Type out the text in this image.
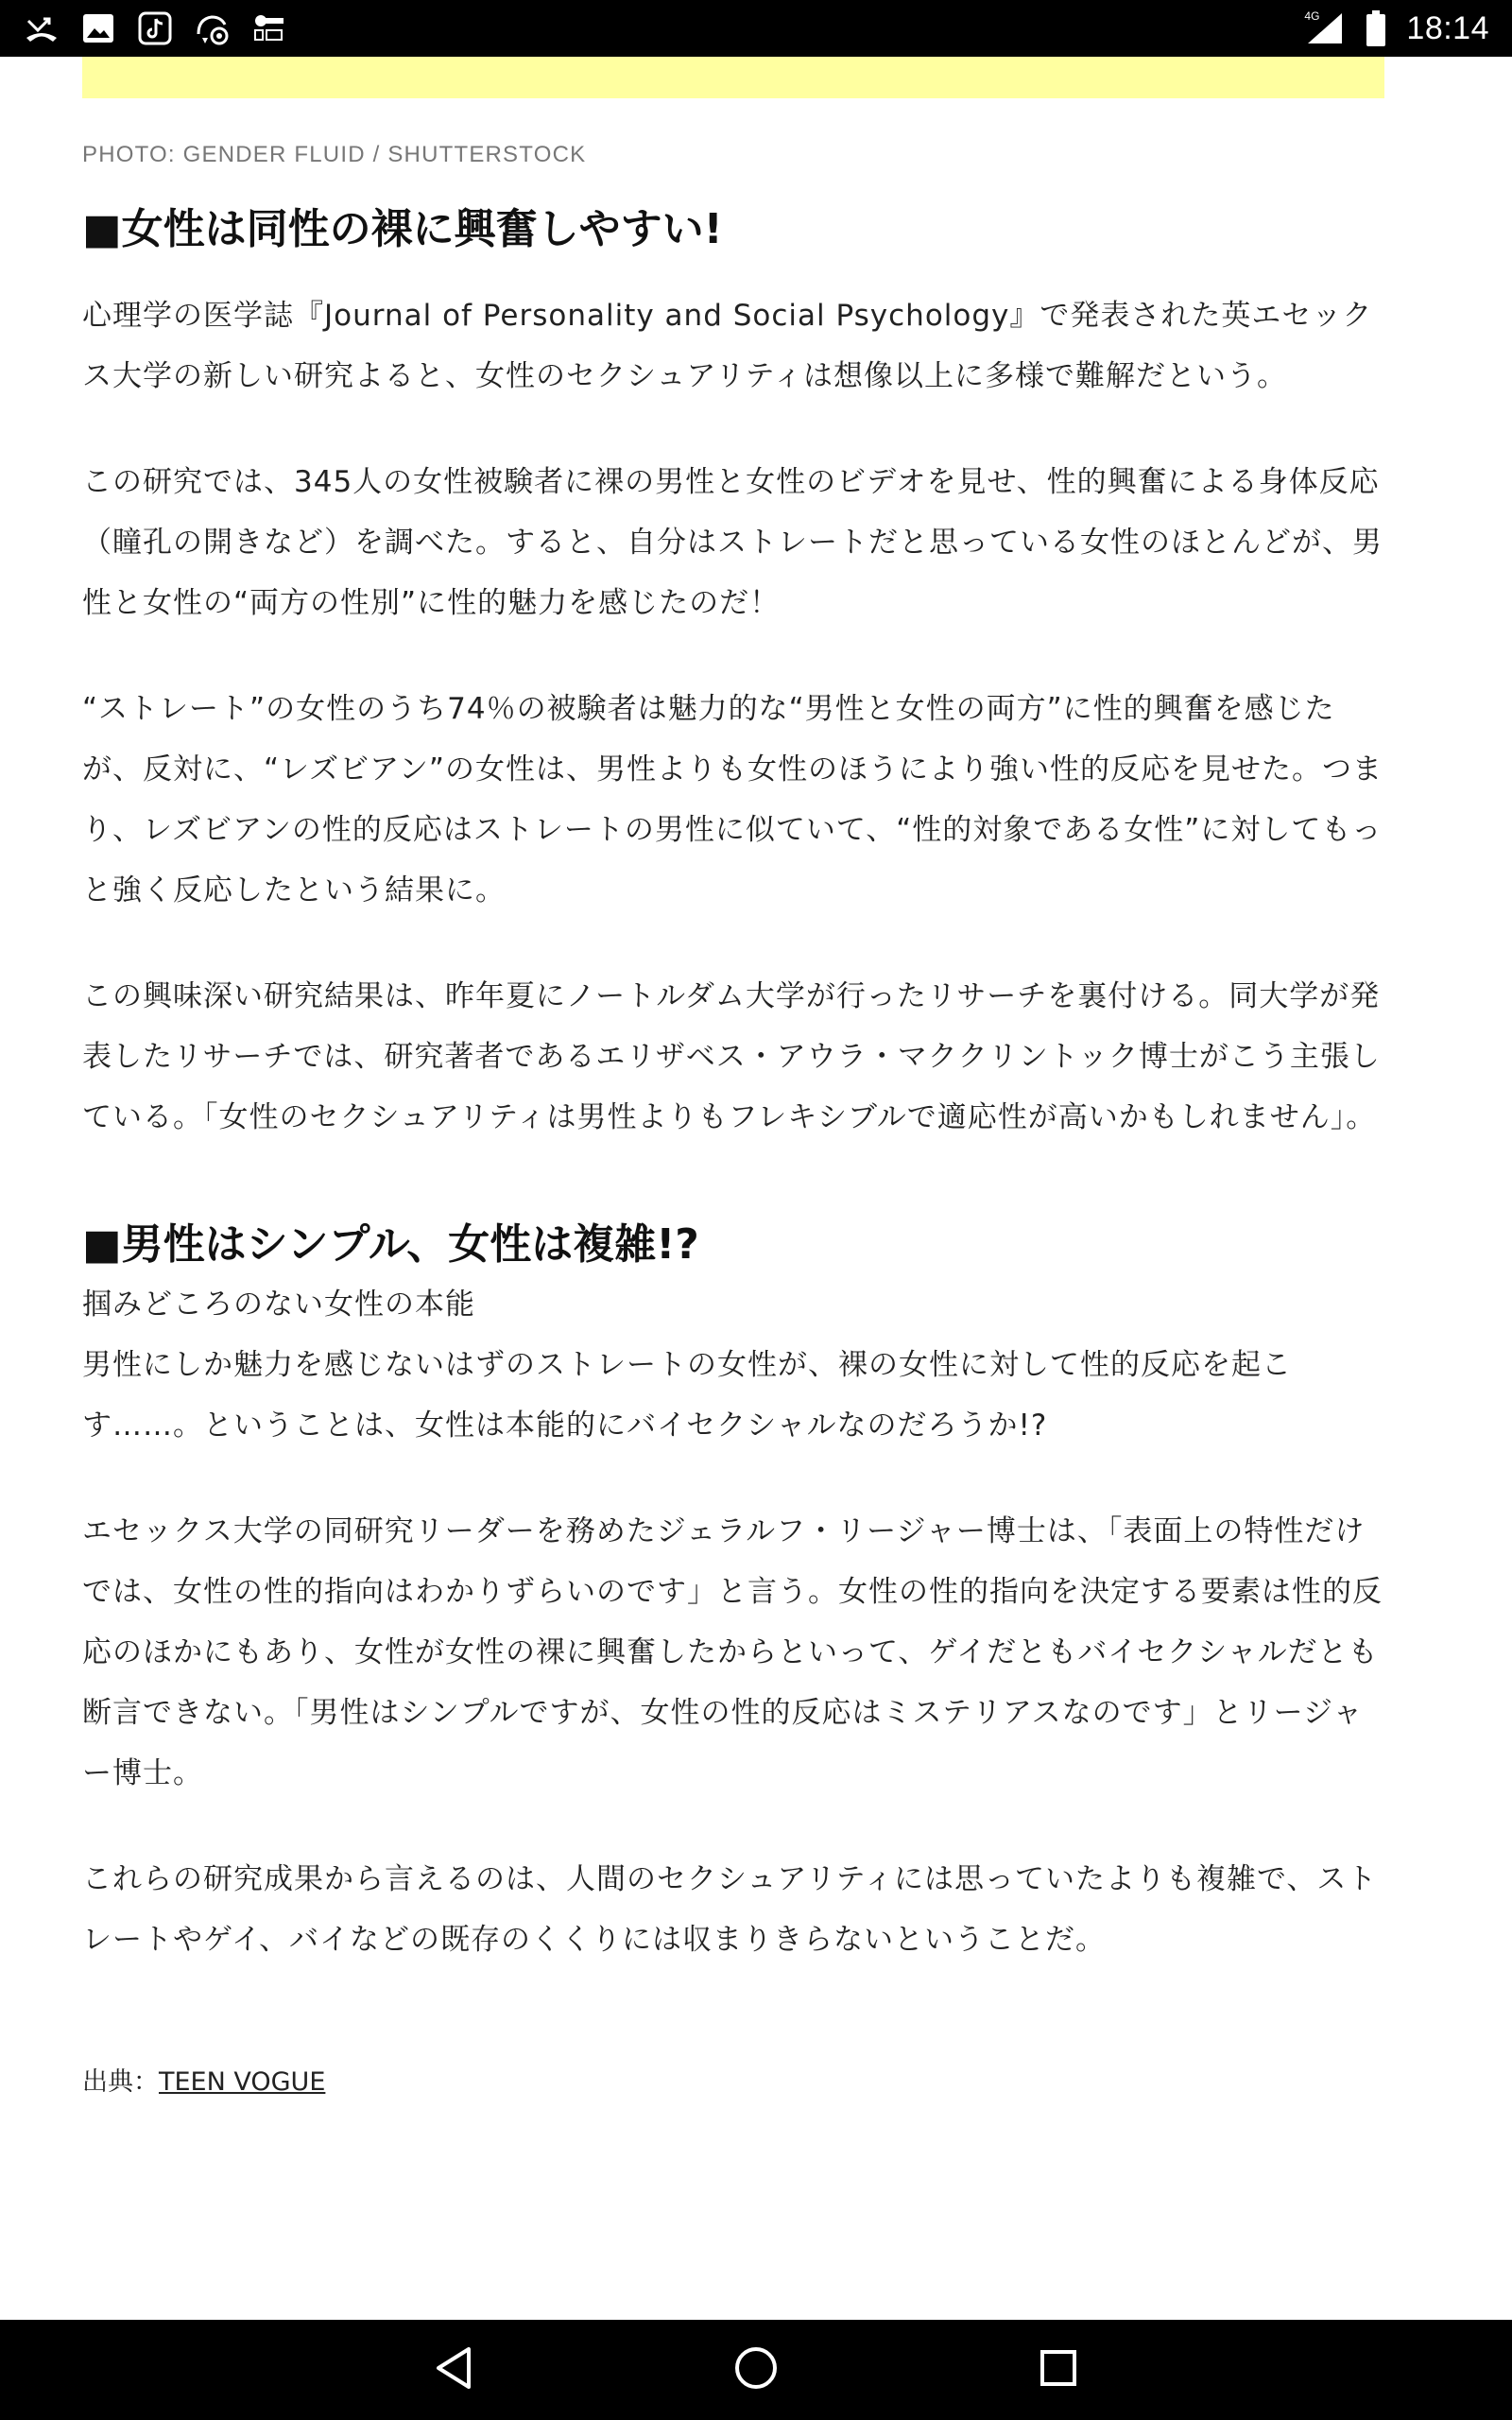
4G	18:14
PHOTO: GENDER FLUID / SHUTTERSTOCK
■女性は同性の裸に興奮しやすい!

心理学の医学誌『Journal of Personality and Social Psychology』で発表された英エセックス大学の新しい研究よると、女性のセクシュアリティは想像以上に多様で難解だという。

この研究では、345人の女性被験者に裸の男性と女性のビデオを見せ、性的興奮による身体反応（瞳孔の開きなど）を調べた。すると、自分はストレートだと思っている女性のほとんどが、男性と女性の“両方の性別”に性的魅力を感じたのだ！

“ストレート”の女性のうち74％の被験者は魅力的な“男性と女性の両方”に性的興奮を感じたが、反対に、“レズビアン”の女性は、男性よりも女性のほうにより強い性的反応を見せた。つまり、レズビアンの性的反応はストレートの男性に似ていて、“性的対象である女性”に対してもっと強く反応したという結果に。

この興味深い研究結果は、昨年夏にノートルダム大学が行ったリサーチを裏付ける。同大学が発表したリサーチでは、研究著者であるエリザベス・アウラ・マククリントック博士がこう主張している。「女性のセクシュアリティは男性よりもフレキシブルで適応性が高いかもしれません」。

■男性はシンプル、女性は複雑!?

掴みどころのない女性の本能

男性にしか魅力を感じないはずのストレートの女性が、裸の女性に対して性的反応を起こす……。ということは、女性は本能的にバイセクシャルなのだろうか!?

エセックス大学の同研究リーダーを務めたジェラルフ・リージャー博士は、「表面上の特性だけでは、女性の性的指向はわかりずらいのです」と言う。女性の性的指向を決定する要素は性的反応のほかにもあり、女性が女性の裸に興奮したからといって、ゲイだともバイセクシャルだとも断言できない。「男性はシンプルですが、女性の性的反応はミステリアスなのです」とリージャー博士。

これらの研究成果から言えるのは、人間のセクシュアリティには思っていたよりも複雑で、ストレートやゲイ、バイなどの既存のくくりには収まりきらないということだ。

出典：TEEN VOGUE
